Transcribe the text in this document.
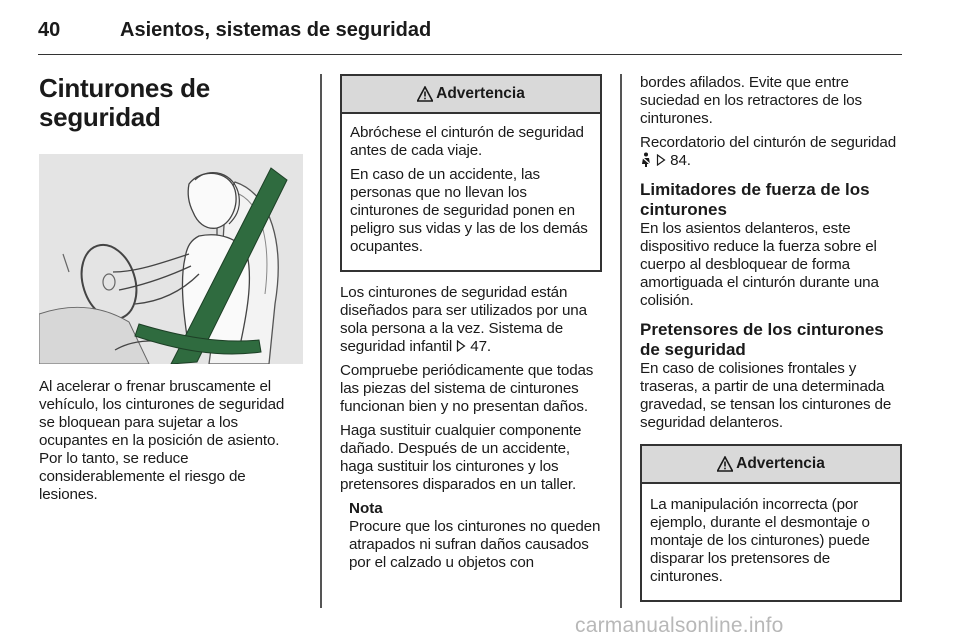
40	Asientos, sistemas de seguridad
Cinturones de seguridad

Al acelerar o frenar bruscamente el vehículo, los cinturones de seguridad se bloquean para sujetar a los ocupantes en la posición de asiento. Por lo tanto, se reduce considerablemente el riesgo de lesiones.

Advertencia

Abróchese el cinturón de seguridad antes de cada viaje.

En caso de un accidente, las personas que no llevan los cinturones de seguridad ponen en peligro sus vidas y las de los demás ocupantes.

Los cinturones de seguridad están diseñados para ser utilizados por una sola persona a la vez. Sistema de seguridad infantil 47.

Compruebe periódicamente que todas las piezas del sistema de cinturones funcionan bien y no presentan daños.

Haga sustituir cualquier componente dañado. Después de un accidente, haga sustituir los cinturones y los pretensores disparados en un taller.

Nota
Procure que los cinturones no queden atrapados ni sufran daños causados por el calzado u objetos con

bordes afilados. Evite que entre suciedad en los retractores de los cinturones.

Recordatorio del cinturón de seguridad   84.

Limitadores de fuerza de los cinturones

En los asientos delanteros, este dispositivo reduce la fuerza sobre el cuerpo al desbloquear de forma amortiguada el cinturón durante una colisión.

Pretensores de los cinturones de seguridad

En caso de colisiones frontales y traseras, a partir de una determinada gravedad, se tensan los cinturones de seguridad delanteros.

Advertencia

La manipulación incorrecta (por ejemplo, durante el desmontaje o montaje de los cinturones) puede disparar los pretensores de cinturones.

carmanualsonline.info
